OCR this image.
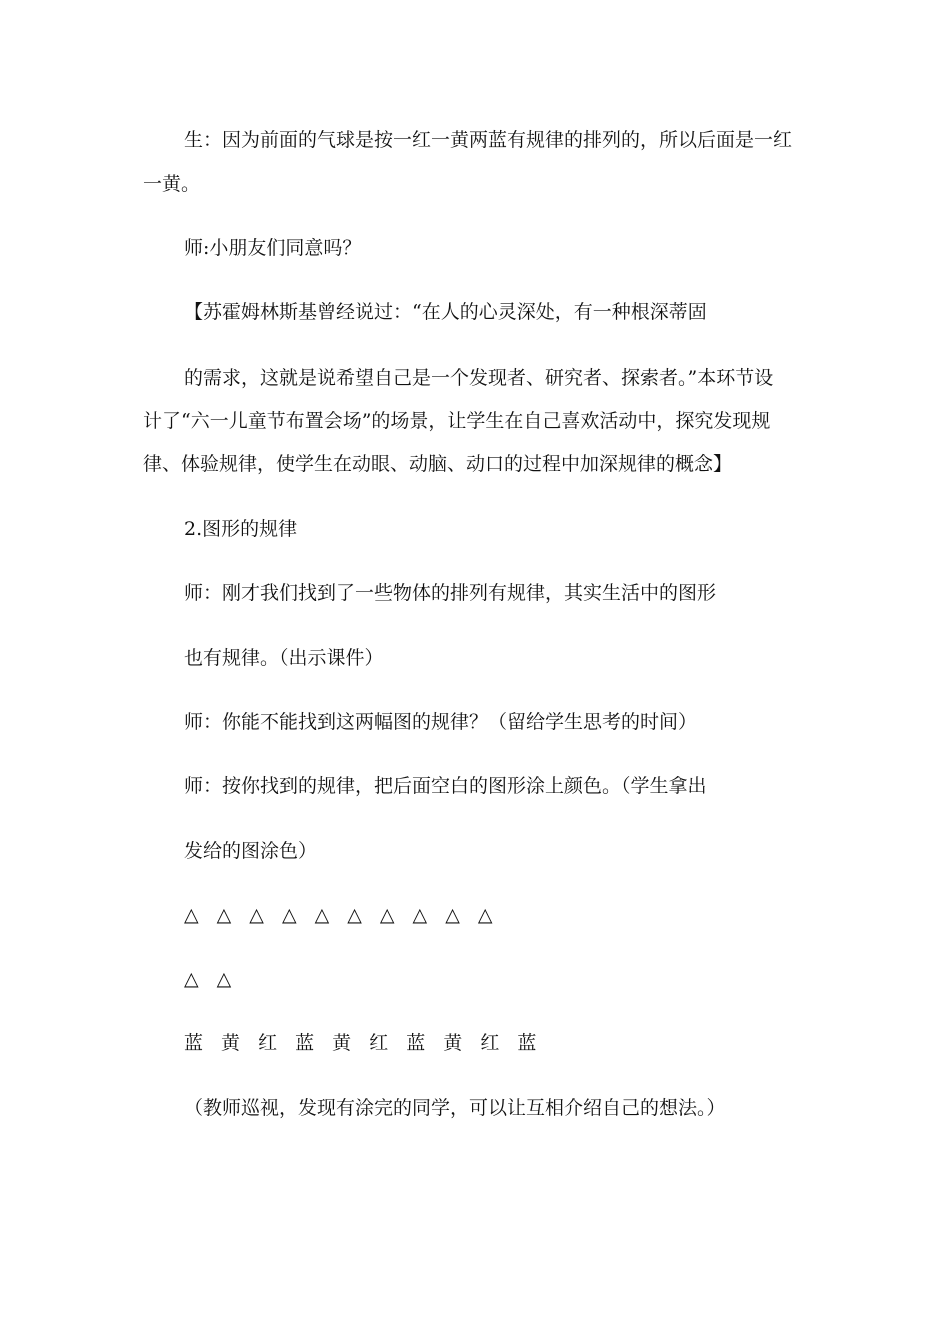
生：因为前面的气球是按一红一黄两蓝有规律的排列的，所以后面是一红
一黄。
师:小朋友们同意吗？
【苏霍姆林斯基曾经说过：“在人的心灵深处，有一种根深蒂固
的需求，这就是说希望自己是一个发现者、研究者、探索者。”本环节设
计了“六一儿童节布置会场”的场景，让学生在自己喜欢活动中，探究发现规
律、体验规律，使学生在动眼、动脑、动口的过程中加深规律的概念】
2.图形的规律
师：刚才我们找到了一些物体的排列有规律，其实生活中的图形
也有规律。（出示课件）
师：你能不能找到这两幅图的规律？（留给学生思考的时间）
师：按你找到的规律，把后面空白的图形涂上颜色。（学生拿出
发给的图涂色）
△ △ △ △ △ △ △ △ △ △
△ △
蓝 黄 红 蓝 黄 红 蓝 黄 红 蓝
（教师巡视，发现有涂完的同学，可以让互相介绍自己的想法。）
